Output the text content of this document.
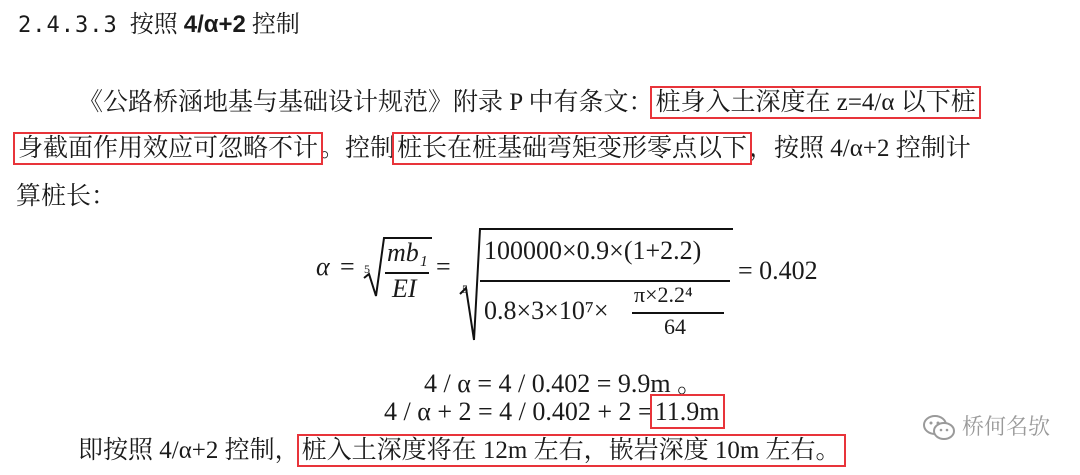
2.4.3.3 按照 4/α+2 控制
《公路桥涵地基与基础设计规范》附录 P 中有条文：桩身入土深度在 z=4/α 以下桩
身截面作用效应可忽略不计。控制桩长在桩基础弯矩变形零点以下，按照 4/α+2 控制计
算桩长：
α = 5
mb₁
EI
=
5
100000×0.9×(1+2.2)
0.8×3×10⁷×
π×2.2⁴
64
= 0.402
4 / α = 4 / 0.402 = 9.9m 。
4 / α + 2 = 4 / 0.402 + 2 =11.9m
即按照 4/α+2 控制，桩入土深度将在 12m 左右，嵌岩深度 10m 左右。
桥何名欤
